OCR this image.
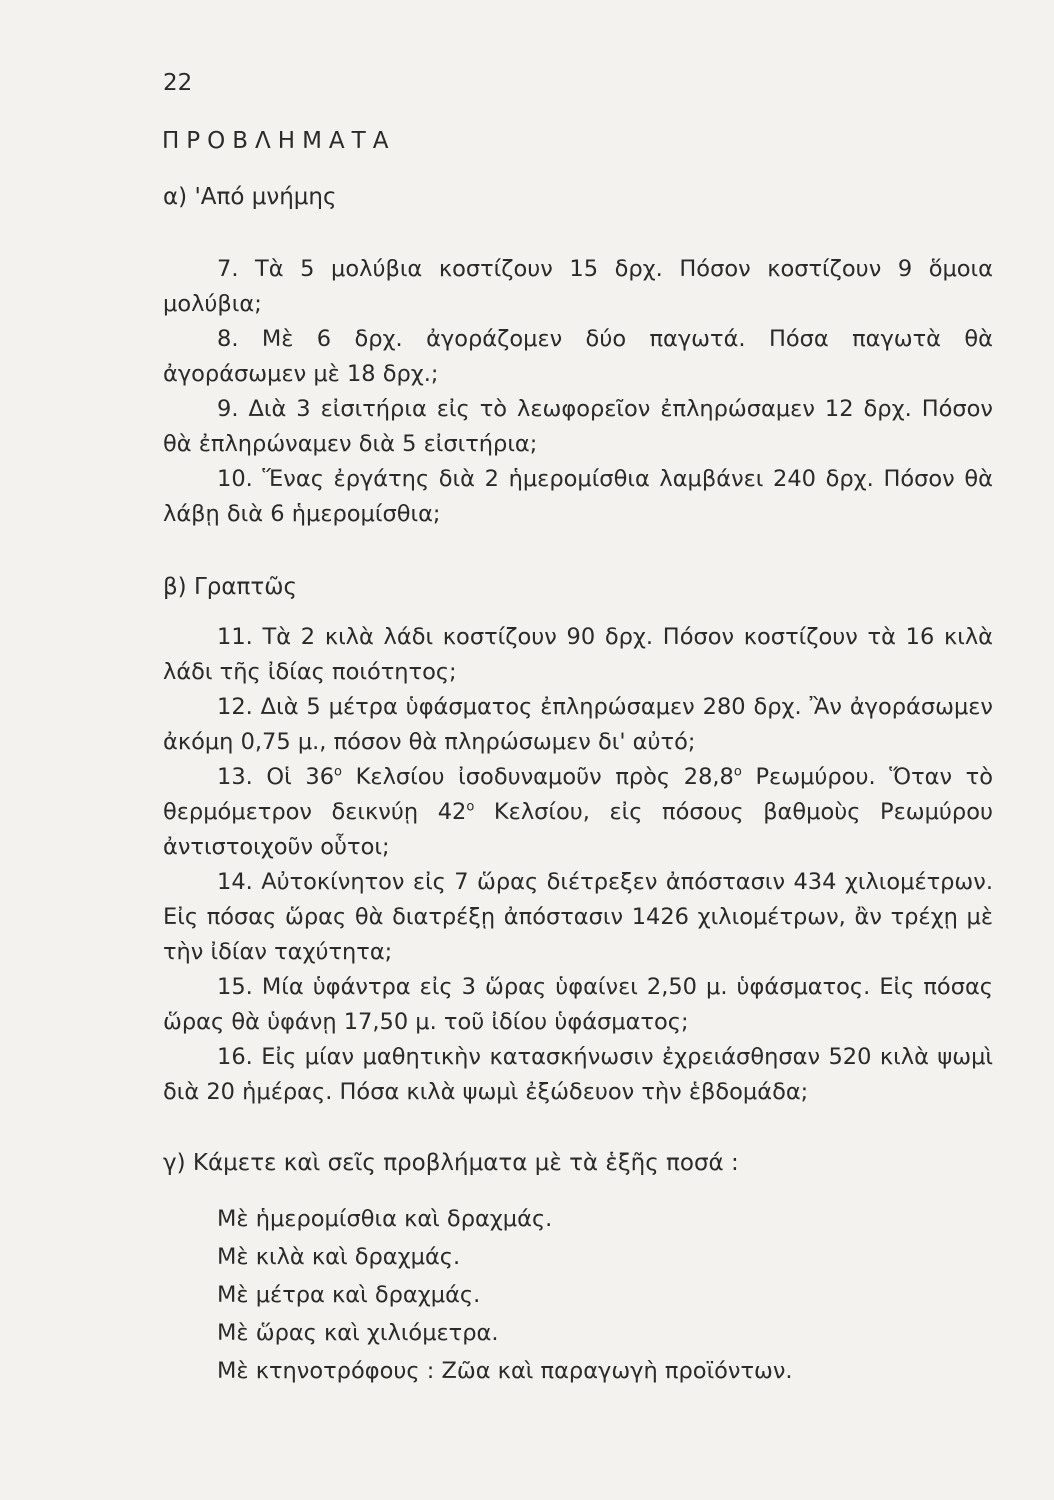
22
ΠΡΟΒΛΗΜΑΤΑ
α) 'Από μνήμης

7. Τὰ 5 μολύβια κοστίζουν 15 δρχ. Πόσον κοστίζουν 9 ὅμοια μολύβια;

8. Μὲ 6 δρχ. ἀγοράζομεν δύο παγωτά. Πόσα παγωτὰ θὰ ἀγοράσωμεν μὲ 18 δρχ.;

9. Διὰ 3 εἰσιτήρια εἰς τὸ λεωφορεῖον ἐπληρώσαμεν 12 δρχ. Πόσον θὰ ἐπληρώναμεν διὰ 5 εἰσιτήρια;

10. Ἕνας ἐργάτης διὰ 2 ἡμερομίσθια λαμβάνει 240 δρχ. Πόσον θὰ λάβῃ διὰ 6 ἡμερομίσθια;

β) Γραπτῶς

11. Τὰ 2 κιλὰ λάδι κοστίζουν 90 δρχ. Πόσον κοστίζουν τὰ 16 κιλὰ λάδι τῆς ἰδίας ποιότητος;

12. Διὰ 5 μέτρα ὑφάσματος ἐπληρώσαμεν 280 δρχ. Ἂν ἀγοράσωμεν ἀκόμη 0,75 μ., πόσον θὰ πληρώσωμεν δι' αὐτό;

13. Οἱ $36^o$ Κελσίου ἰσοδυναμοῦν πρὸς $28,8^o$ Ρεωμύρου. Ὅταν τὸ θερμόμετρον δεικνύῃ $42^o$ Κελσίου, εἰς πόσους βαθμοὺς Ρεωμύρου ἀντιστοιχοῦν οὗτοι;

14. Αὐτοκίνητον εἰς 7 ὥρας διέτρεξεν ἀπόστασιν 434 χιλιομέτρων. Εἰς πόσας ὥρας θὰ διατρέξῃ ἀπόστασιν 1426 χιλιομέτρων, ἂν τρέχῃ μὲ τὴν ἰδίαν ταχύτητα;

15. Μία ὑφάντρα εἰς 3 ὥρας ὑφαίνει 2,50 μ. ὑφάσματος. Εἰς πόσας ὥρας θὰ ὑφάνῃ 17,50 μ. τοῦ ἰδίου ὑφάσματος;

16. Εἰς μίαν μαθητικὴν κατασκήνωσιν ἐχρειάσθησαν 520 κιλὰ ψωμὶ διὰ 20 ἡμέρας. Πόσα κιλὰ ψωμὶ ἐξώδευον τὴν ἑβδομάδα;

γ) Κάμετε καὶ σεῖς προβλήματα μὲ τὰ ἑξῆς ποσά :
Μὲ ἡμερομίσθια καὶ δραχμάς.
Μὲ κιλὰ καὶ δραχμάς.
Μὲ μέτρα καὶ δραχμάς.
Μὲ ὥρας καὶ χιλιόμετρα.
Μὲ κτηνοτρόφους : Ζῶα καὶ παραγωγὴ προϊόντων.
